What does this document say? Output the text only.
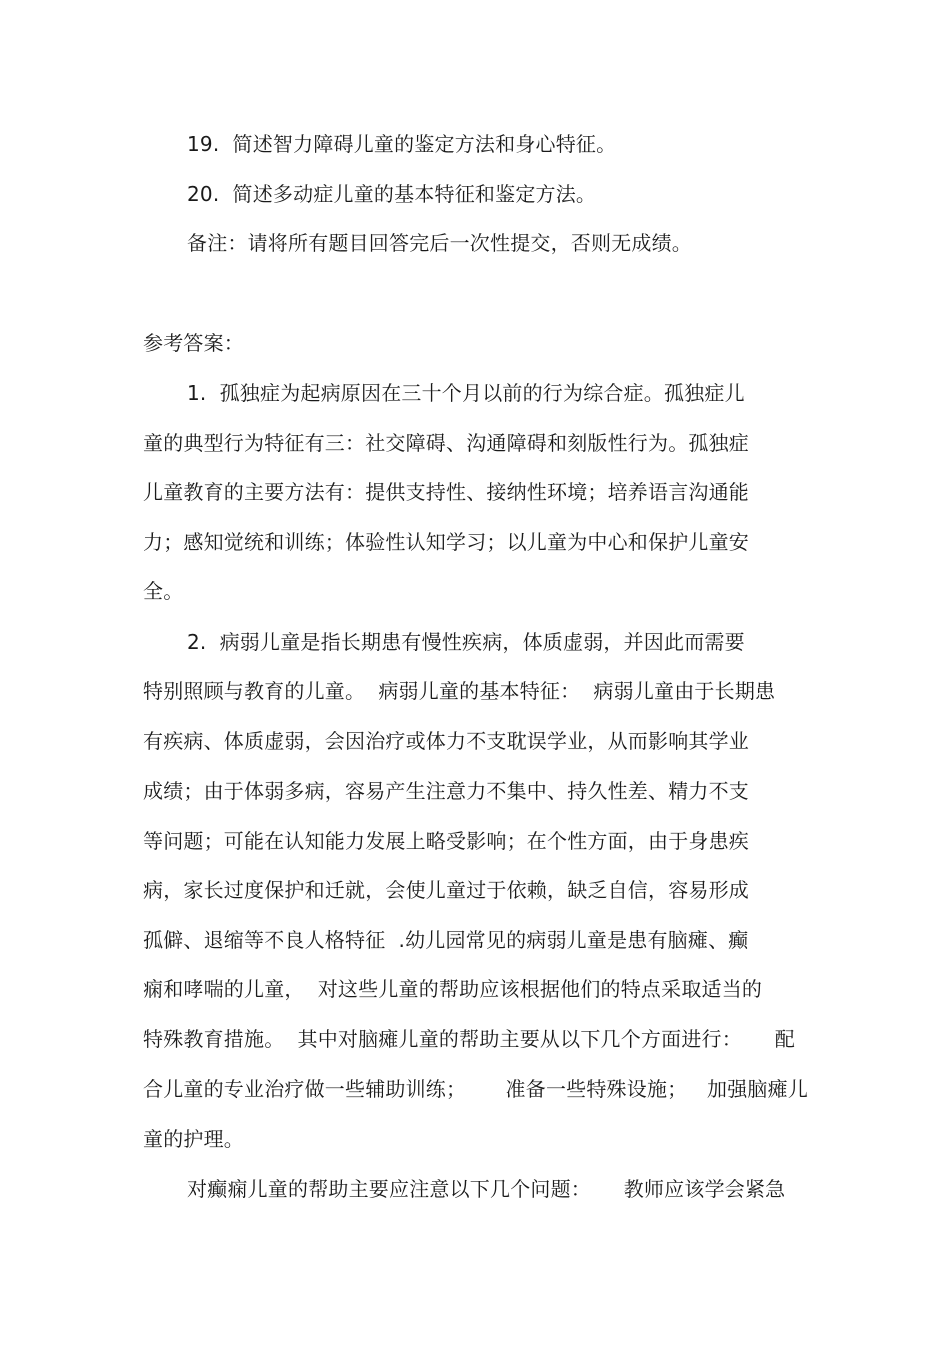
19.  简述智力障碍儿童的鉴定方法和身心特征。
20.  简述多动症儿童的基本特征和鉴定方法。
备注：请将所有题目回答完后一次性提交，否则无成绩。
参考答案：
1.  孤独症为起病原因在三十个月以前的行为综合症。孤独症儿
童的典型行为特征有三：社交障碍、沟通障碍和刻版性行为。孤独症
儿童教育的主要方法有：提供支持性、接纳性环境；培养语言沟通能
力；感知觉统和训练；体验性认知学习；以儿童为中心和保护儿童安
全。
2.  病弱儿童是指长期患有慢性疾病，体质虚弱，并因此而需要
特别照顾与教育的儿童。  病弱儿童的基本特征：  病弱儿童由于长期患
有疾病、体质虚弱，会因治疗或体力不支耽误学业，从而影响其学业
成绩；由于体弱多病，容易产生注意力不集中、持久性差、精力不支
等问题；可能在认知能力发展上略受影响；在个性方面，由于身患疾
病，家长过度保护和迁就，会使儿童过于依赖，缺乏自信，容易形成
孤僻、退缩等不良人格特征  .幼儿园常见的病弱儿童是患有脑瘫、癫
痫和哮喘的儿童，  对这些儿童的帮助应该根据他们的特点采取适当的
特殊教育措施。  其中对脑瘫儿童的帮助主要从以下几个方面进行：     配
合儿童的专业治疗做一些辅助训练；      准备一些特殊设施；   加强脑瘫儿
童的护理。
对癫痫儿童的帮助主要应注意以下几个问题：     教师应该学会紧急
